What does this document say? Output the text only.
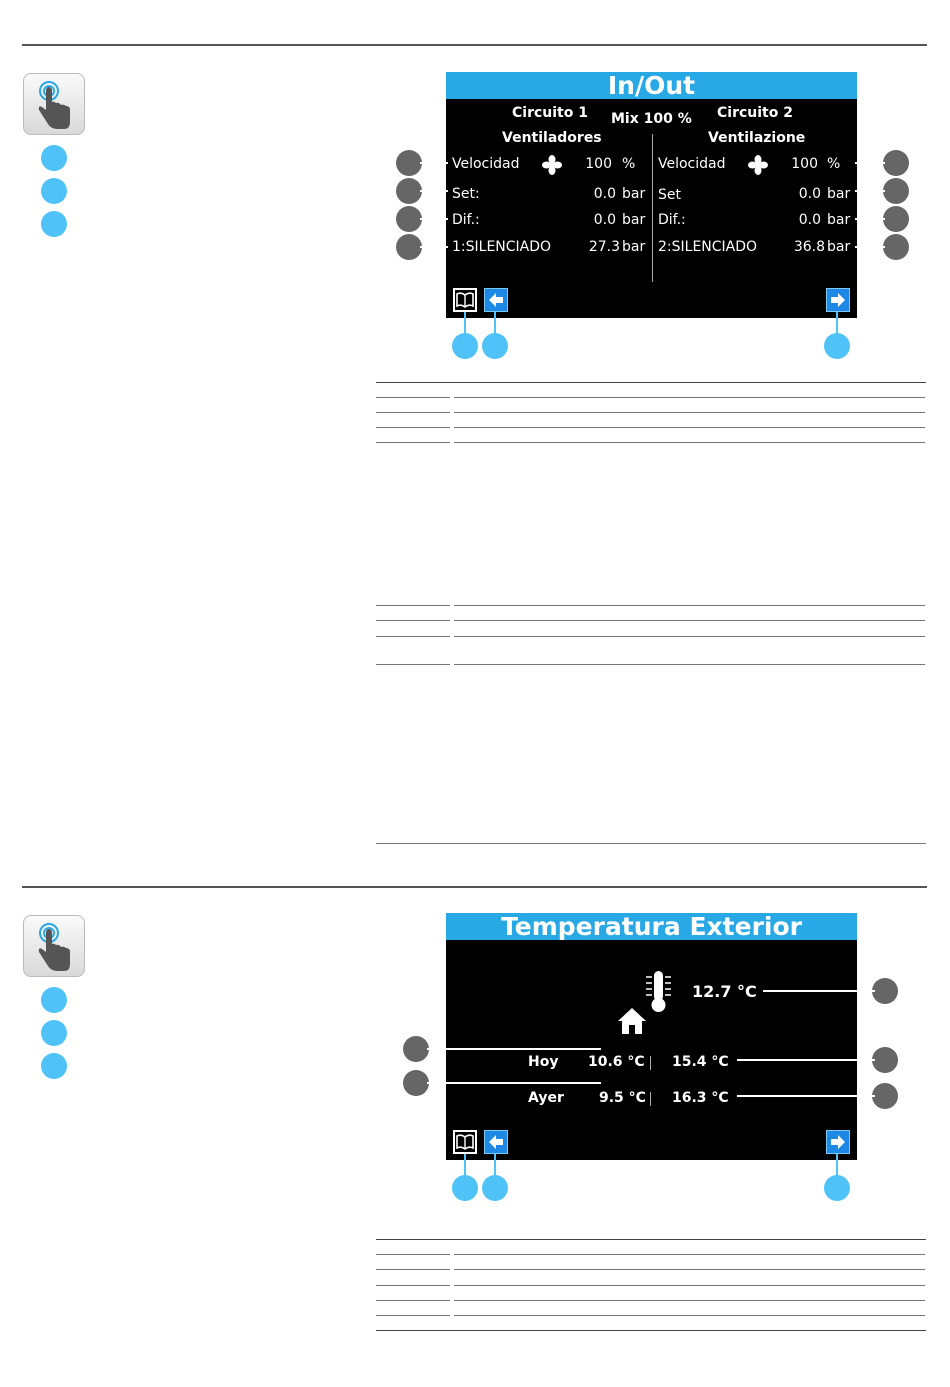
In/Out
Circuito 1 Mix 100 % Circuito 2
Ventiladores	Ventilazione
Velocidad	100 %
Set:	0.0 bar
Dif.:	0.0 bar
1:SILENCIADO	27.3 bar
Velocidad	100 %
Set	0.0 bar
Dif.:	0.0 bar
2:SILENCIADO	36.8 bar
Temperatura Exterior
12.7 °C
Hoy 10.6 °C 15.4 °C
Ayer	9.5 °C 16.3 °C
